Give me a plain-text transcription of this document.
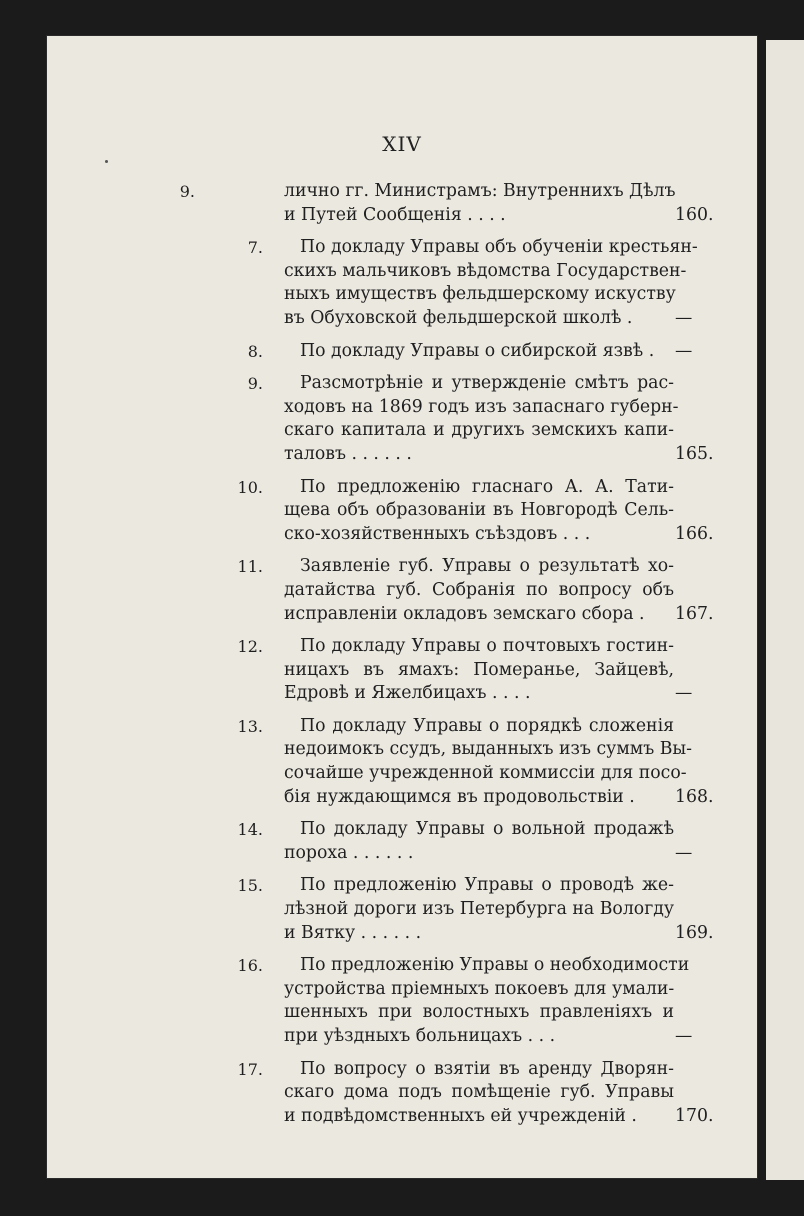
XIV
9.	лично гг. Министрамъ: Внутреннихъ Дѣлъ
и Путей Сообщенія . . . .	160.
7.	По докладу Управы объ обученіи крестьян-
скихъ мальчиковъ вѣдомства Государствен-
ныхъ имуществъ фельдшерскому искуству
въ Обуховской фельдшерской школѣ .	—
8.	По докладу Управы о сибирской язвѣ .	—
9.	Разсмотрѣніе и утвержденіе смѣтъ рас-
ходовъ на 1869 годъ изъ запаснаго губерн-
скаго капитала и другихъ земскихъ капи-
таловъ . . . . . .	165.
10.	По предложенію гласнаго А. А. Тати-
щева объ образованіи въ Новгородѣ Сель-
ско-хозяйственныхъ съѣздовъ . . .	166.
11.	Заявленіе губ. Управы о результатѣ хо-
датайства губ. Собранія по вопросу объ
исправленіи окладовъ земскаго сбора .	167.
12.	По докладу Управы о почтовыхъ гостин-
ницахъ въ ямахъ: Померанье, Зайцевѣ,
Едровѣ и Яжелбицахъ . . . .	—
13.	По докладу Управы о порядкѣ сложенія
недоимокъ ссудъ, выданныхъ изъ суммъ Вы-
сочайше учрежденной коммиссіи для посо-
бія нуждающимся въ продовольствіи .	168.
14.	По докладу Управы о вольной продажѣ
пороха . . . . . .	—
15.	По предложенію Управы о проводѣ же-
лѣзной дороги изъ Петербурга на Вологду
и Вятку . . . . . .	169.
16.	По предложенію Управы о необходимости
устройства пріемныхъ покоевъ для умали-
шенныхъ при волостныхъ правленіяхъ и
при уѣздныхъ больницахъ . . .	—
17.	По вопросу о взятіи въ аренду Дворян-
скаго дома подъ помѣщеніе губ. Управы
и подвѣдомственныхъ ей учрежденій .	170.
